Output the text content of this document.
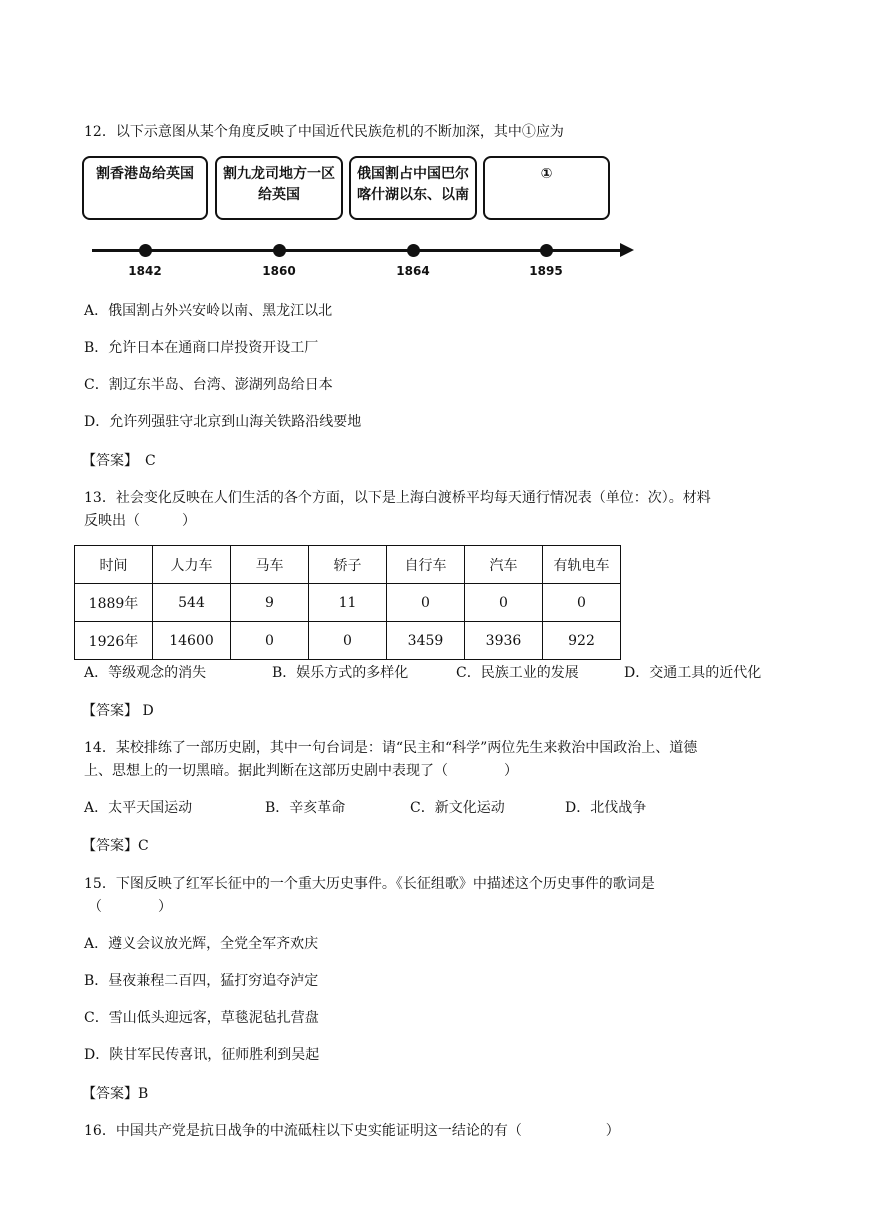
12．以下示意图从某个角度反映了中国近代民族危机的不断加深，其中①应为
割香港岛给英国	割九龙司地方一区给英国
俄国割占中国巴尔喀什湖以东、以南
①
1842	1860	1864	1895
A．俄国割占外兴安岭以南、黑龙江以北
B．允许日本在通商口岸投资开设工厂
C．割辽东半岛、台湾、澎湖列岛给日本
D．允许列强驻守北京到山海关铁路沿线要地
【答案】　C
13．社会变化反映在人们生活的各个方面，以下是上海白渡桥平均每天通行情况表（单位：次）。材料
反映出（　　　）
时间	人力车	马车	轿子	自行车	汽车	有轨电车
1889年	544	9	11	0	0	0
1926年	14600	0	0	3459	3936	922
A．等级观念的消失	B．娱乐方式的多样化	C．民族工业的发展	D．交通工具的近代化
【答案】 D
14．某校排练了一部历史剧，其中一句台词是：请“民主和“科学”两位先生来救治中国政治上、道德
上、思想上的一切黑暗。据此判断在这部历史剧中表现了（　　　　）
A．太平天国运动	B．辛亥革命	C．新文化运动	D．北伐战争
【答案】C
15．下图反映了红军长征中的一个重大历史事件。《长征组歌》中描述这个历史事件的歌词是
（　　　　）
A．遵义会议放光辉，全党全军齐欢庆
B．昼夜兼程二百四，猛打穷追夺泸定
C．雪山低头迎远客，草毯泥毡扎营盘
D．陕甘军民传喜讯，征师胜利到吴起
【答案】B
16．中国共产党是抗日战争的中流砥柱以下史实能证明这一结论的有（　　　　　　）
